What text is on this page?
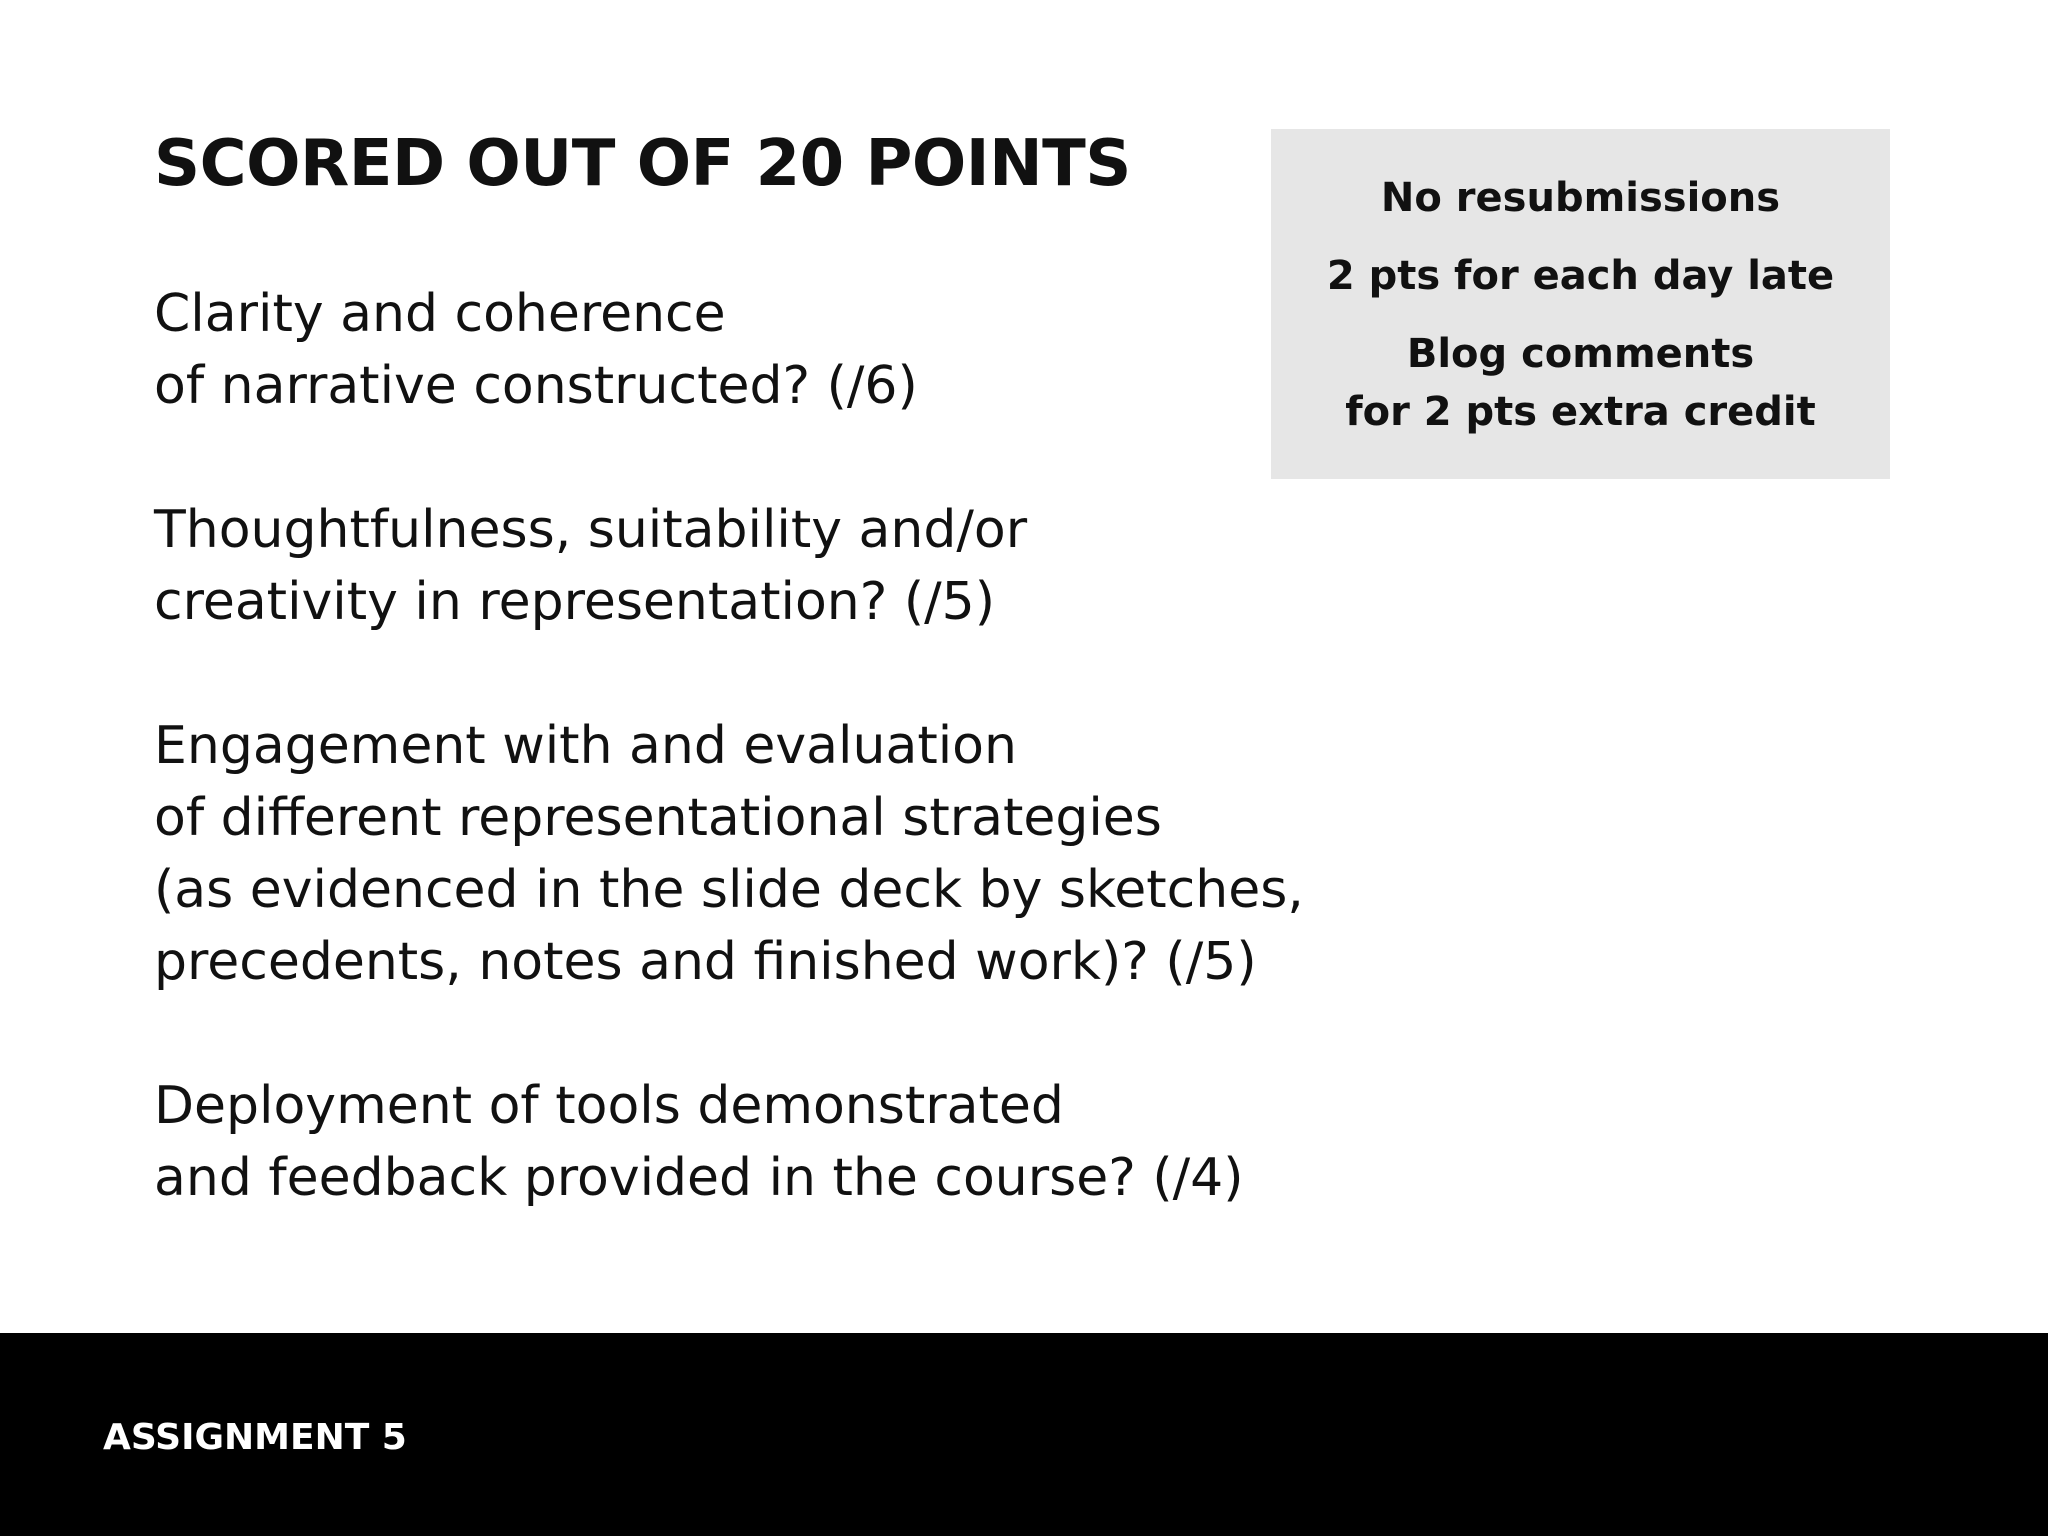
SCORED OUT OF 20 POINTS
Clarity and coherence
of narrative constructed? (/6)
Thoughtfulness, suitability and/or
creativity in representation? (/5)
Engagement with and evaluation
of different representational strategies
(as evidenced in the slide deck by sketches,
precedents, notes and finished work)? (/5)
Deployment of tools demonstrated
and feedback provided in the course? (/4)
No resubmissions
2 pts for each day late
Blog comments
for 2 pts extra credit
ASSIGNMENT 5
